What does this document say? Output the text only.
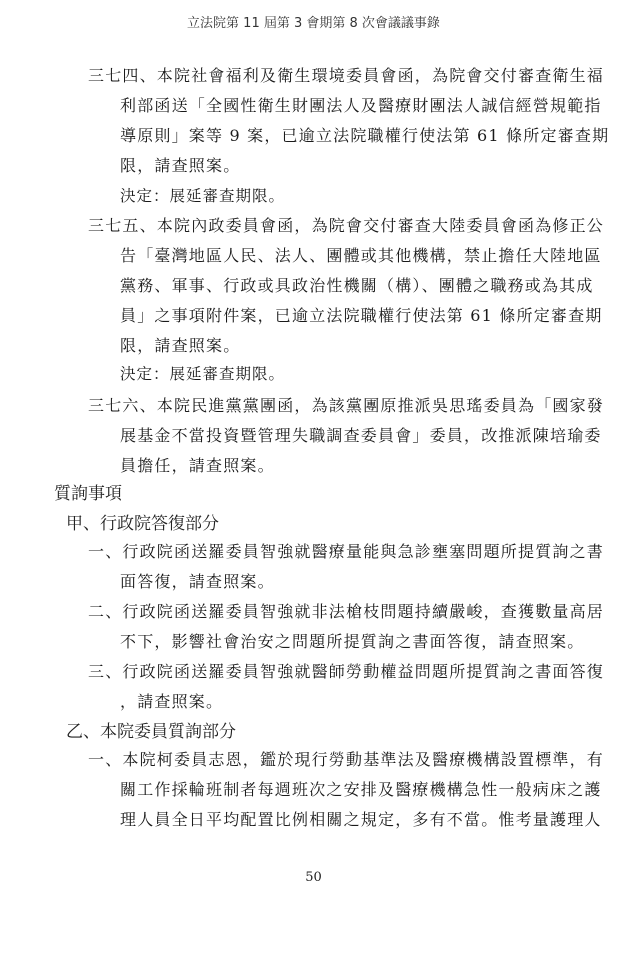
立法院第 11 屆第 3 會期第 8 次會議議事錄
三七四、本院社會福利及衛生環境委員會函，為院會交付審查衛生福
利部函送「全國性衛生財團法人及醫療財團法人誠信經營規範指
導原則」案等 9 案，已逾立法院職權行使法第 61 條所定審查期
限，請查照案。
決定：展延審查期限。
三七五、本院內政委員會函，為院會交付審查大陸委員會函為修正公
告「臺灣地區人民、法人、團體或其他機構，禁止擔任大陸地區
黨務、軍事、行政或具政治性機關（構）、團體之職務或為其成
員」之事項附件案，已逾立法院職權行使法第 61 條所定審查期
限，請查照案。
決定：展延審查期限。
三七六、本院民進黨黨團函，為該黨團原推派吳思瑤委員為「國家發
展基金不當投資暨管理失職調查委員會」委員，改推派陳培瑜委
員擔任，請查照案。
質詢事項
甲、行政院答復部分
一、行政院函送羅委員智強就醫療量能與急診壅塞問題所提質詢之書
面答復，請查照案。
二、行政院函送羅委員智強就非法槍枝問題持續嚴峻，查獲數量高居
不下，影響社會治安之問題所提質詢之書面答復，請查照案。
三、行政院函送羅委員智強就醫師勞動權益問題所提質詢之書面答復
，請查照案。
乙、本院委員質詢部分
一、本院柯委員志恩，鑑於現行勞動基準法及醫療機構設置標準，有
關工作採輪班制者每週班次之安排及醫療機構急性一般病床之護
理人員全日平均配置比例相關之規定，多有不當。惟考量護理人
50
